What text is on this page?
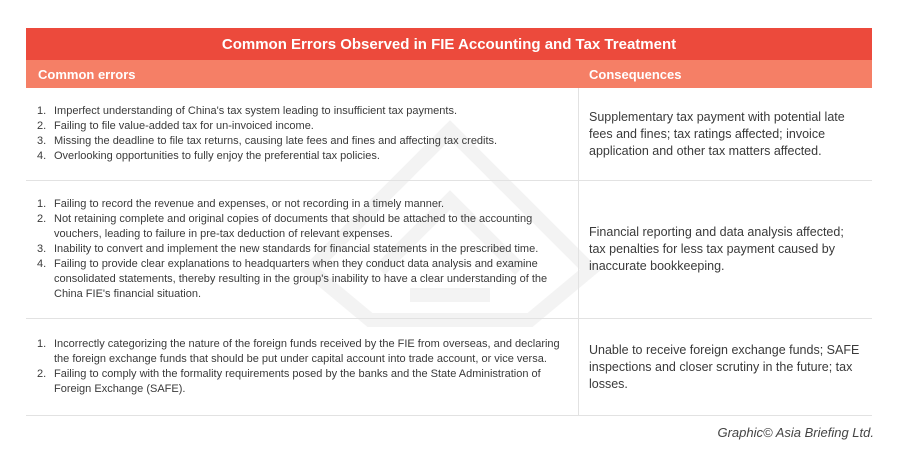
Common Errors Observed in FIE Accounting and Tax Treatment
Common errors	Consequences
1. Imperfect understanding of China's tax system leading to insufficient tax payments.
2. Failing to file value-added tax for un-invoiced income.
3. Missing the deadline to file tax returns, causing late fees and fines and affecting tax credits.
4. Overlooking opportunities to fully enjoy the preferential tax policies.
Supplementary tax payment with potential late fees and fines; tax ratings affected; invoice application and other tax matters affected.
1. Failing to record the revenue and expenses, or not recording in a timely manner.
2. Not retaining complete and original copies of documents that should be attached to the accounting vouchers, leading to failure in pre-tax deduction of relevant expenses.
3. Inability to convert and implement the new standards for financial statements in the prescribed time.
4. Failing to provide clear explanations to headquarters when they conduct data analysis and examine consolidated statements, thereby resulting in the group's inability to have a clear understanding of the China FIE's financial situation.
Financial reporting and data analysis affected; tax penalties for less tax payment caused by inaccurate bookkeeping.
1. Incorrectly categorizing the nature of the foreign funds received by the FIE from overseas, and declaring the foreign exchange funds that should be put under capital account into trade account, or vice versa.
2. Failing to comply with the formality requirements posed by the banks and the State Administration of Foreign Exchange (SAFE).
Unable to receive foreign exchange funds; SAFE inspections and closer scrutiny in the future; tax losses.
Graphic© Asia Briefing Ltd.
